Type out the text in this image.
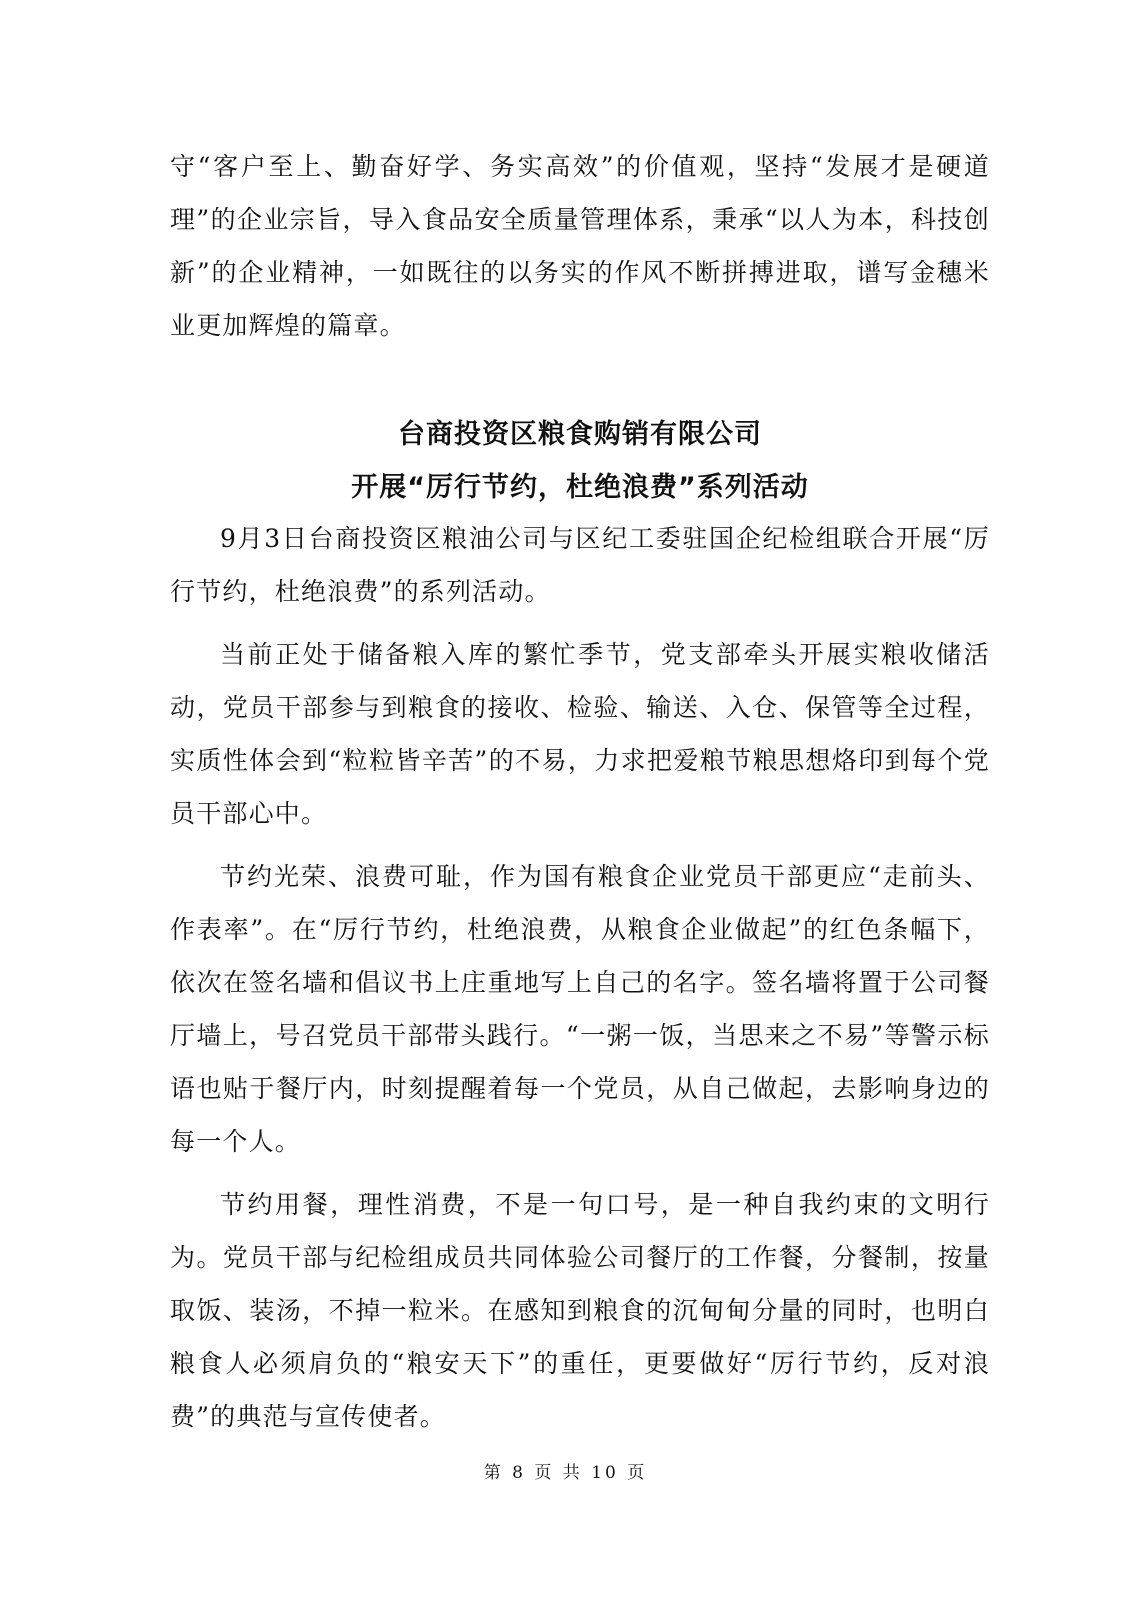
守“客户至上、勤奋好学、务实高效”的价值观，坚持“发展才是硬道理”的企业宗旨，导入食品安全质量管理体系，秉承“以人为本，科技创新”的企业精神，一如既往的以务实的作风不断拼搏进取，谱写金穗米业更加辉煌的篇章。

台商投资区粮食购销有限公司
开展“厉行节约，杜绝浪费”系列活动

9月3日台商投资区粮油公司与区纪工委驻国企纪检组联合开展“厉行节约，杜绝浪费”的系列活动。

当前正处于储备粮入库的繁忙季节，党支部牵头开展实粮收储活动，党员干部参与到粮食的接收、检验、输送、入仓、保管等全过程，实质性体会到“粒粒皆辛苦”的不易，力求把爱粮节粮思想烙印到每个党员干部心中。

节约光荣、浪费可耻，作为国有粮食企业党员干部更应“走前头、作表率”。在“厉行节约，杜绝浪费，从粮食企业做起”的红色条幅下，依次在签名墙和倡议书上庄重地写上自己的名字。签名墙将置于公司餐厅墙上，号召党员干部带头践行。“一粥一饭，当思来之不易”等警示标语也贴于餐厅内，时刻提醒着每一个党员，从自己做起，去影响身边的每一个人。

节约用餐，理性消费，不是一句口号，是一种自我约束的文明行为。党员干部与纪检组成员共同体验公司餐厅的工作餐，分餐制，按量取饭、装汤，不掉一粒米。在感知到粮食的沉甸甸分量的同时，也明白粮食人必须肩负的“粮安天下”的重任，更要做好“厉行节约，反对浪费”的典范与宣传使者。

第 8 页 共 10 页
